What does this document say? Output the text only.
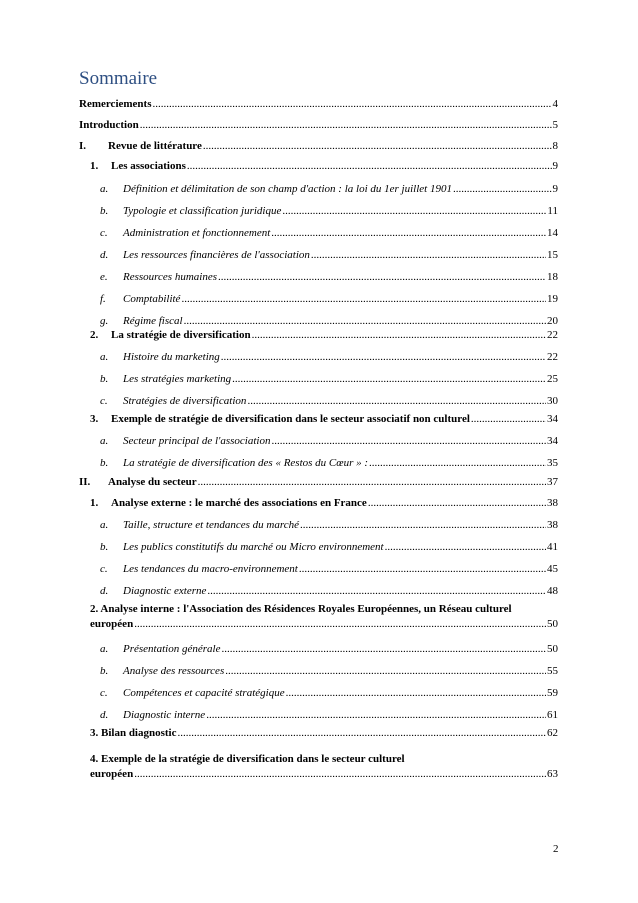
Sommaire
Remerciements .....	4
Introduction .....	5
I.	Revue de littérature .....	8
1.	Les associations .....	9
a.	Définition et délimitation de son champ d'action : la loi du 1er juillet 1901 .....	9
b.	Typologie et classification juridique .....	11
c.	Administration et fonctionnement .....	14
d.	Les ressources financières de l'association .....	15
e.	Ressources humaines .....	18
f.	Comptabilité .....	19
g.	Régime fiscal .....	20
2.	La stratégie de diversification .....	22
a.	Histoire du marketing .....	22
b.	Les stratégies marketing .....	25
c.	Stratégies de diversification .....	30
3.	Exemple de stratégie de diversification dans le secteur associatif non culturel .....	34
a.	Secteur principal de l'association .....	34
b.	La stratégie de diversification des « Restos du Cœur » : .....	35
II.	Analyse du secteur .....	37
1.	Analyse externe : le marché des associations en France .....	38
a.	Taille, structure et tendances du marché .....	38
b.	Les publics constitutifs du marché ou Micro environnement .....	41
c.	Les tendances du macro-environnement .....	45
d.	Diagnostic externe .....	48
2. Analyse interne : l'Association des Résidences Royales Européennes, un Réseau culturel
européen .....	50
a.	Présentation générale .....	50
b.	Analyse des ressources .....	55
c.	Compétences et capacité stratégique .....	59
d.	Diagnostic interne .....	61
3. Bilan diagnostic .....	62
4. Exemple de la stratégie de diversification dans le secteur culturel
européen .....	63
2
